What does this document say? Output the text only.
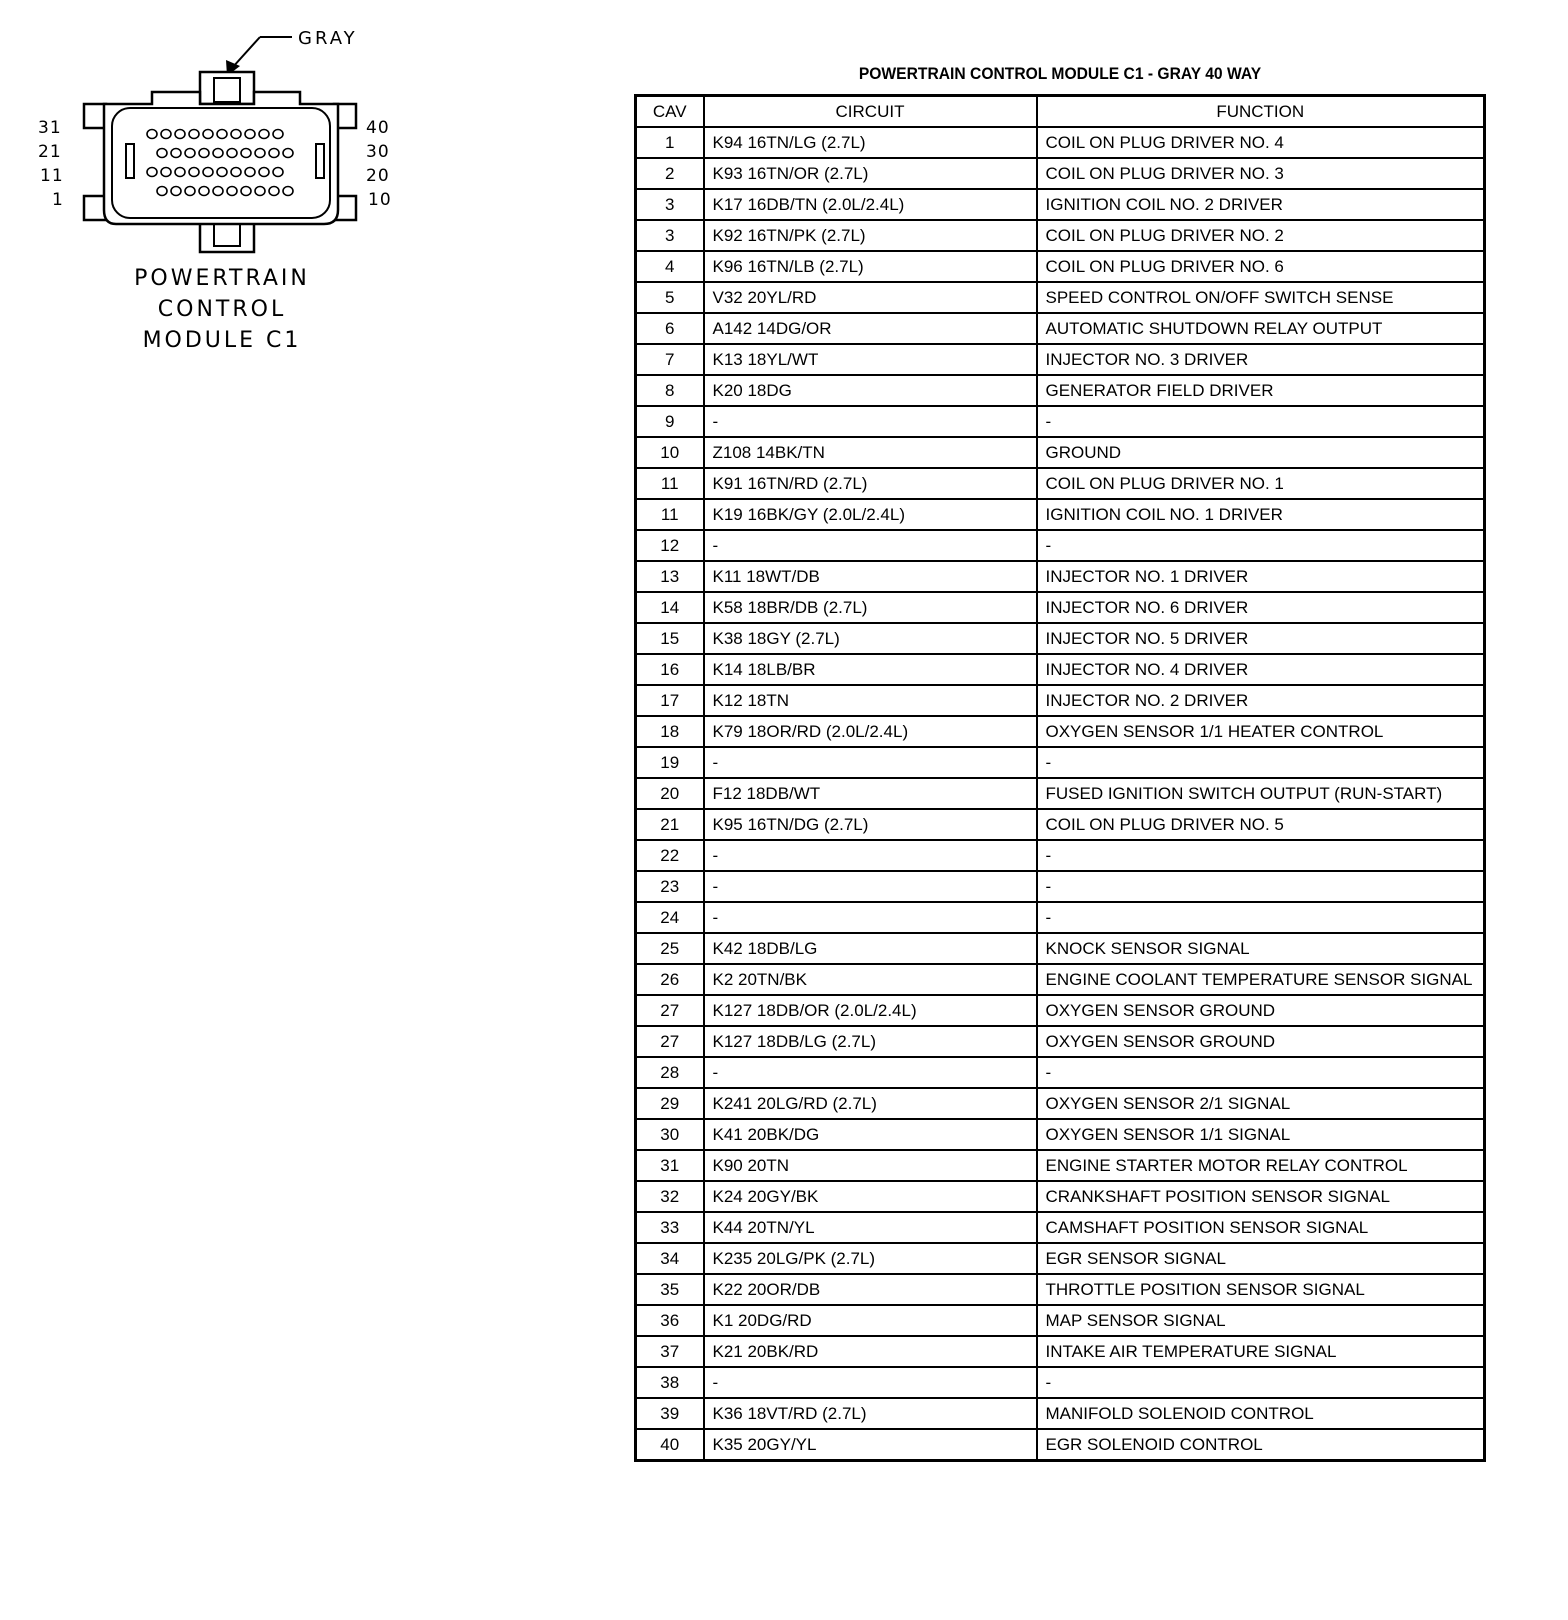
GRAY
31
21
11
1
40
30
20
10
POWERTRAIN
CONTROL
MODULE C1
POWERTRAIN CONTROL MODULE C1 - GRAY 40 WAY
CAV	CIRCUIT	FUNCTION
1	K94 16TN/LG (2.7L)	COIL ON PLUG DRIVER NO. 4
2	K93 16TN/OR (2.7L)	COIL ON PLUG DRIVER NO. 3
3	K17 16DB/TN (2.0L/2.4L)	IGNITION COIL NO. 2 DRIVER
3	K92 16TN/PK (2.7L)	COIL ON PLUG DRIVER NO. 2
4	K96 16TN/LB (2.7L)	COIL ON PLUG DRIVER NO. 6
5	V32 20YL/RD	SPEED CONTROL ON/OFF SWITCH SENSE
6	A142 14DG/OR	AUTOMATIC SHUTDOWN RELAY OUTPUT
7	K13 18YL/WT	INJECTOR NO. 3 DRIVER
8	K20 18DG	GENERATOR FIELD DRIVER
9	-	-
10	Z108 14BK/TN	GROUND
11	K91 16TN/RD (2.7L)	COIL ON PLUG DRIVER NO. 1
11	K19 16BK/GY (2.0L/2.4L)	IGNITION COIL NO. 1 DRIVER
12	-	-
13	K11 18WT/DB	INJECTOR NO. 1 DRIVER
14	K58 18BR/DB (2.7L)	INJECTOR NO. 6 DRIVER
15	K38 18GY (2.7L)	INJECTOR NO. 5 DRIVER
16	K14 18LB/BR	INJECTOR NO. 4 DRIVER
17	K12 18TN	INJECTOR NO. 2 DRIVER
18	K79 18OR/RD (2.0L/2.4L)	OXYGEN SENSOR 1/1 HEATER CONTROL
19	-	-
20	F12 18DB/WT	FUSED IGNITION SWITCH OUTPUT (RUN-START)
21	K95 16TN/DG (2.7L)	COIL ON PLUG DRIVER NO. 5
22	-	-
23	-	-
24	-	-
25	K42 18DB/LG	KNOCK SENSOR SIGNAL
26	K2 20TN/BK	ENGINE COOLANT TEMPERATURE SENSOR SIGNAL
27	K127 18DB/OR (2.0L/2.4L)	OXYGEN SENSOR GROUND
27	K127 18DB/LG (2.7L)	OXYGEN SENSOR GROUND
28	-	-
29	K241 20LG/RD (2.7L)	OXYGEN SENSOR 2/1 SIGNAL
30	K41 20BK/DG	OXYGEN SENSOR 1/1 SIGNAL
31	K90 20TN	ENGINE STARTER MOTOR RELAY CONTROL
32	K24 20GY/BK	CRANKSHAFT POSITION SENSOR SIGNAL
33	K44 20TN/YL	CAMSHAFT POSITION SENSOR SIGNAL
34	K235 20LG/PK (2.7L)	EGR SENSOR SIGNAL
35	K22 20OR/DB	THROTTLE POSITION SENSOR SIGNAL
36	K1 20DG/RD	MAP SENSOR SIGNAL
37	K21 20BK/RD	INTAKE AIR TEMPERATURE SIGNAL
38	-	-
39	K36 18VT/RD (2.7L)	MANIFOLD SOLENOID CONTROL
40	K35 20GY/YL	EGR SOLENOID CONTROL
